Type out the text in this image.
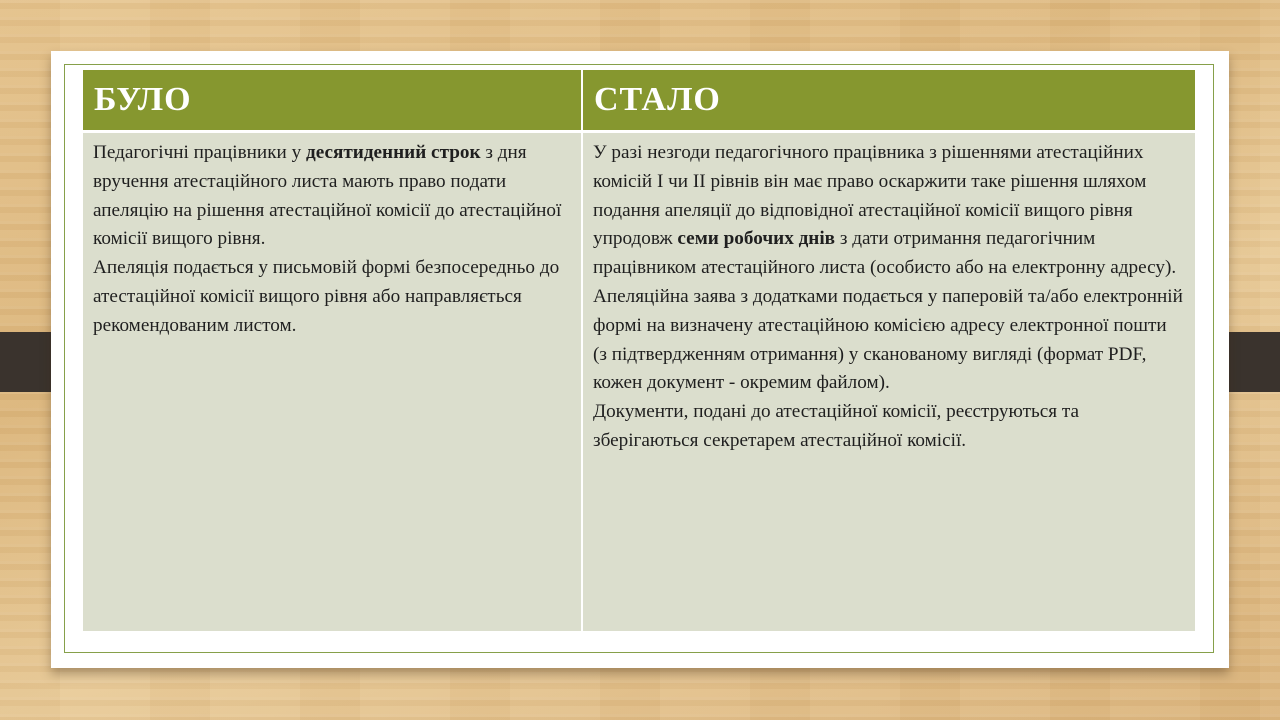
БУЛО	СТАЛО

Педагогічні працівники у десятиденний строк з дня вручення атестаційного листа мають право подати апеляцію на рішення атестаційної комісії до атестаційної комісії вищого рівня.

Апеляція подається у письмовій формі безпосередньо до атестаційної комісії вищого рівня або направляється рекомендованим листом.

У разі незгоди педагогічного працівника з рішеннями атестаційних комісій І чи ІІ рівнів він має право оскаржити таке рішення шляхом подання апеляції до відповідної атестаційної комісії вищого рівня упродовж семи робочих днів з дати отримання педагогічним працівником атестаційного листа (особисто або на електронну адресу).

Апеляційна заява з додатками подається у паперовій та/або електронній формі на визначену атестаційною комісією адресу електронної пошти (з підтвердженням отримання) у сканованому вигляді (формат PDF, кожен документ - окремим файлом).

Документи, подані до атестаційної комісії, реєструються та зберігаються секретарем атестаційної комісії.
